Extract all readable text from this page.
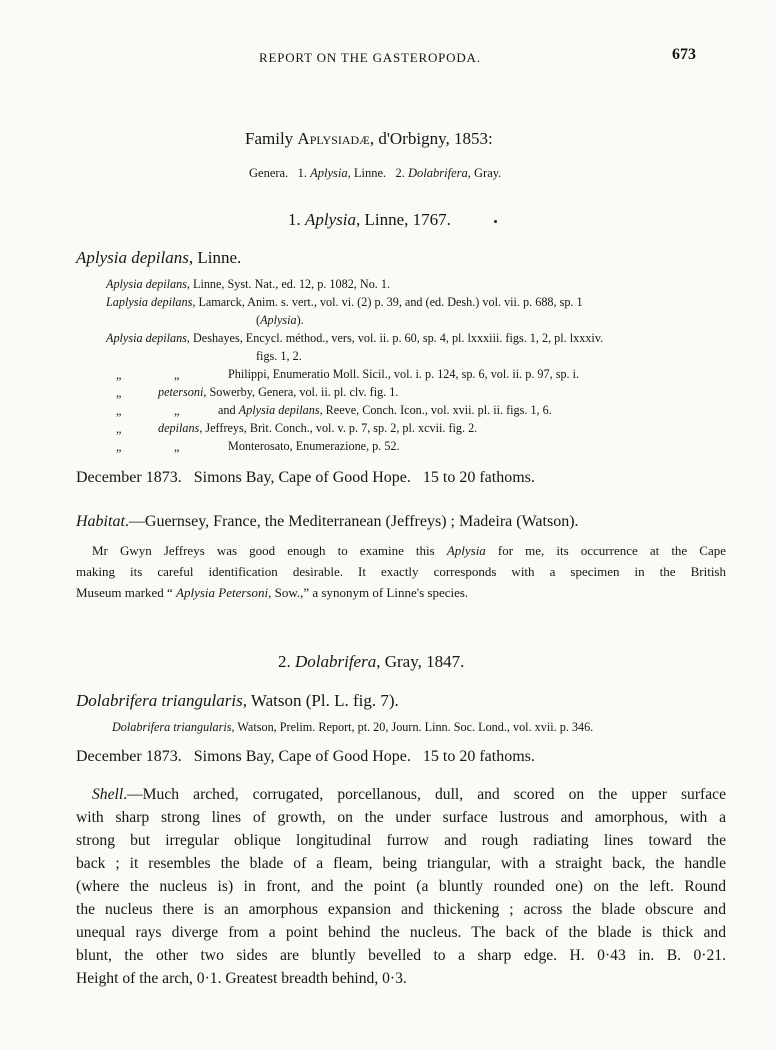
REPORT ON THE GASTEROPODA.	673
Family Aplysiadæ, d'Orbigny, 1853:
Genera. 1. Aplysia, Linne. 2. Dolabrifera, Gray.
1. Aplysia, Linne, 1767.
Aplysia depilans, Linne.
Aplysia depilans, Linne, Syst. Nat., ed. 12, p. 1082, No. 1.
Laplysia depilans, Lamarck, Anim. s. vert., vol. vi. (2) p. 39, and (ed. Desh.) vol. vii. p. 688, sp. 1
(Aplysia).
Aplysia depilans, Deshayes, Encycl. méthod., vers, vol. ii. p. 60, sp. 4, pl. lxxxiii. figs. 1, 2, pl. lxxxiv.
figs. 1, 2.
„	„	Philippi, Enumeratio Moll. Sicil., vol. i. p. 124, sp. 6, vol. ii. p. 97, sp. i.
„	petersoni, Sowerby, Genera, vol. ii. pl. clv. fig. 1.
„	„	and Aplysia depilans, Reeve, Conch. Icon., vol. xvii. pl. ii. figs. 1, 6.
„	depilans, Jeffreys, Brit. Conch., vol. v. p. 7, sp. 2, pl. xcvii. fig. 2.
„	„	Monterosato, Enumerazione, p. 52.
December 1873.   Simons Bay, Cape of Good Hope.   15 to 20 fathoms.
Habitat.—Guernsey, France, the Mediterranean (Jeffreys) ; Madeira (Watson).
Mr Gwyn Jeffreys was good enough to examine this Aplysia for me, its occurrence at the Cape
making its careful identification desirable. It exactly corresponds with a specimen in the British
Museum marked “ Aplysia Petersoni, Sow.,” a synonym of Linne's species.
2. Dolabrifera, Gray, 1847.
Dolabrifera triangularis, Watson (Pl. L. fig. 7).
Dolabrifera triangularis, Watson, Prelim. Report, pt. 20, Journ. Linn. Soc. Lond., vol. xvii. p. 346.
December 1873.   Simons Bay, Cape of Good Hope.   15 to 20 fathoms.
Shell.—Much arched, corrugated, porcellanous, dull, and scored on the upper surface
with sharp strong lines of growth, on the under surface lustrous and amorphous, with a
strong but irregular oblique longitudinal furrow and rough radiating lines toward the
back ; it resembles the blade of a fleam, being triangular, with a straight back, the handle
(where the nucleus is) in front, and the point (a bluntly rounded one) on the left. Round
the nucleus there is an amorphous expansion and thickening ; across the blade obscure and
unequal rays diverge from a point behind the nucleus. The back of the blade is thick and
blunt, the other two sides are bluntly bevelled to a sharp edge. H. 0·43 in. B. 0·21.
Height of the arch, 0·1. Greatest breadth behind, 0·3.
